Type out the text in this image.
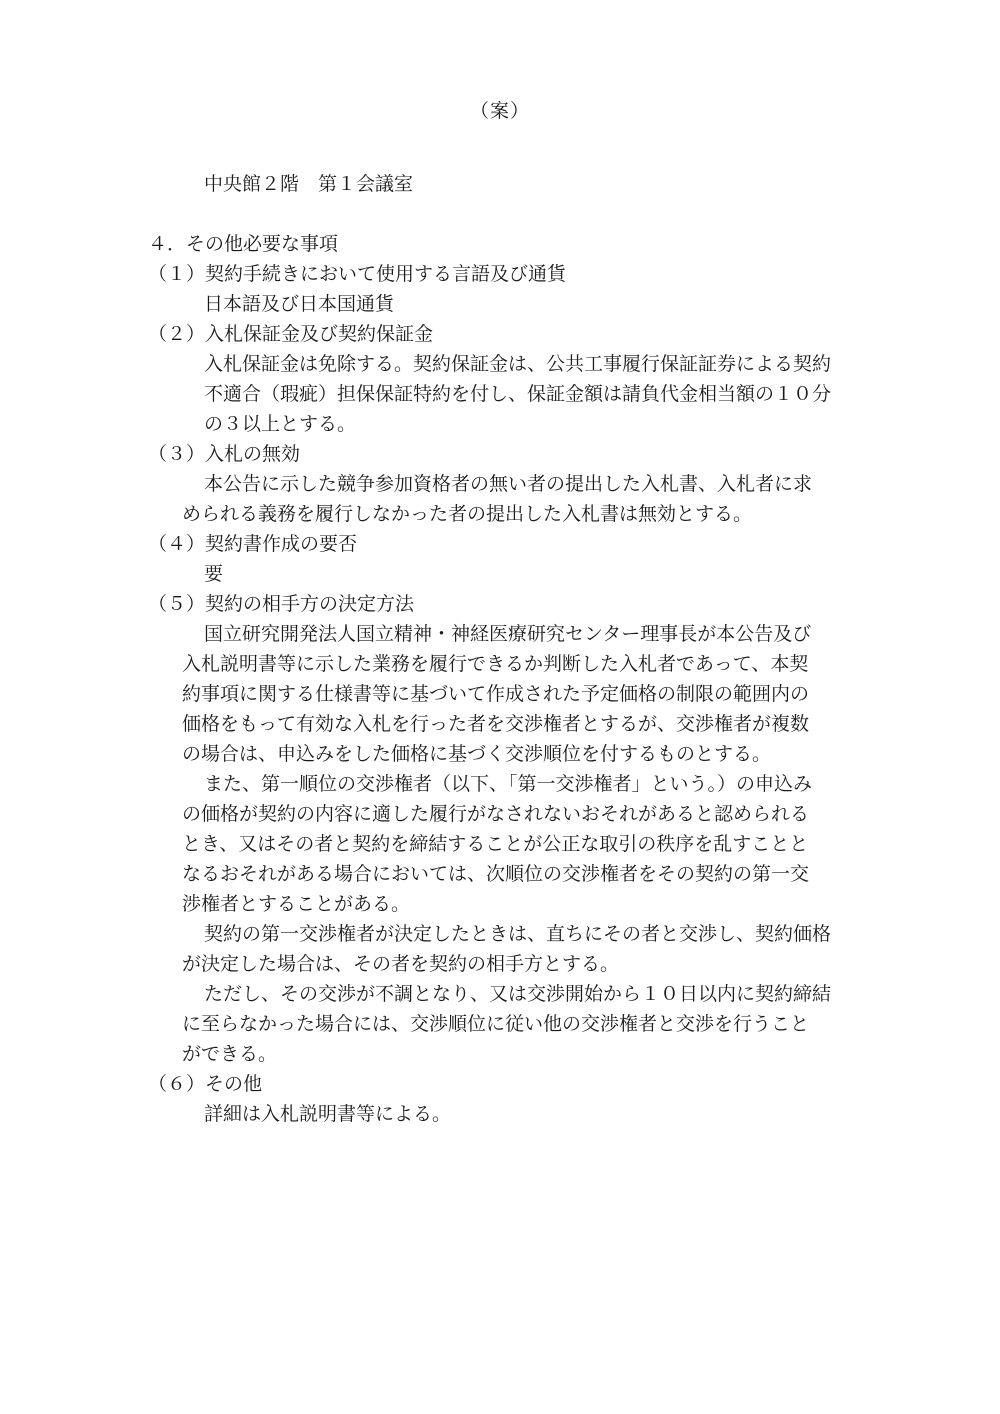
（案）
中央館２階　第１会議室
４．その他必要な事項
（１）契約手続きにおいて使用する言語及び通貨
日本語及び日本国通貨
（２）入札保証金及び契約保証金
入札保証金は免除する。契約保証金は、公共工事履行保証証券による契約
不適合（瑕疵）担保保証特約を付し、保証金額は請負代金相当額の１０分
の３以上とする。
（３）入札の無効
本公告に示した競争参加資格者の無い者の提出した入札書、入札者に求
められる義務を履行しなかった者の提出した入札書は無効とする。
（４）契約書作成の要否
要
（５）契約の相手方の決定方法
国立研究開発法人国立精神・神経医療研究センター理事長が本公告及び
入札説明書等に示した業務を履行できるか判断した入札者であって、本契
約事項に関する仕様書等に基づいて作成された予定価格の制限の範囲内の
価格をもって有効な入札を行った者を交渉権者とするが、交渉権者が複数
の場合は、申込みをした価格に基づく交渉順位を付するものとする。
また、第一順位の交渉権者（以下、「第一交渉権者」という。）の申込み
の価格が契約の内容に適した履行がなされないおそれがあると認められる
とき、又はその者と契約を締結することが公正な取引の秩序を乱すことと
なるおそれがある場合においては、次順位の交渉権者をその契約の第一交
渉権者とすることがある。
契約の第一交渉権者が決定したときは、直ちにその者と交渉し、契約価格
が決定した場合は、その者を契約の相手方とする。
ただし、その交渉が不調となり、又は交渉開始から１０日以内に契約締結
に至らなかった場合には、交渉順位に従い他の交渉権者と交渉を行うこと
ができる。
（６）その他
詳細は入札説明書等による。
